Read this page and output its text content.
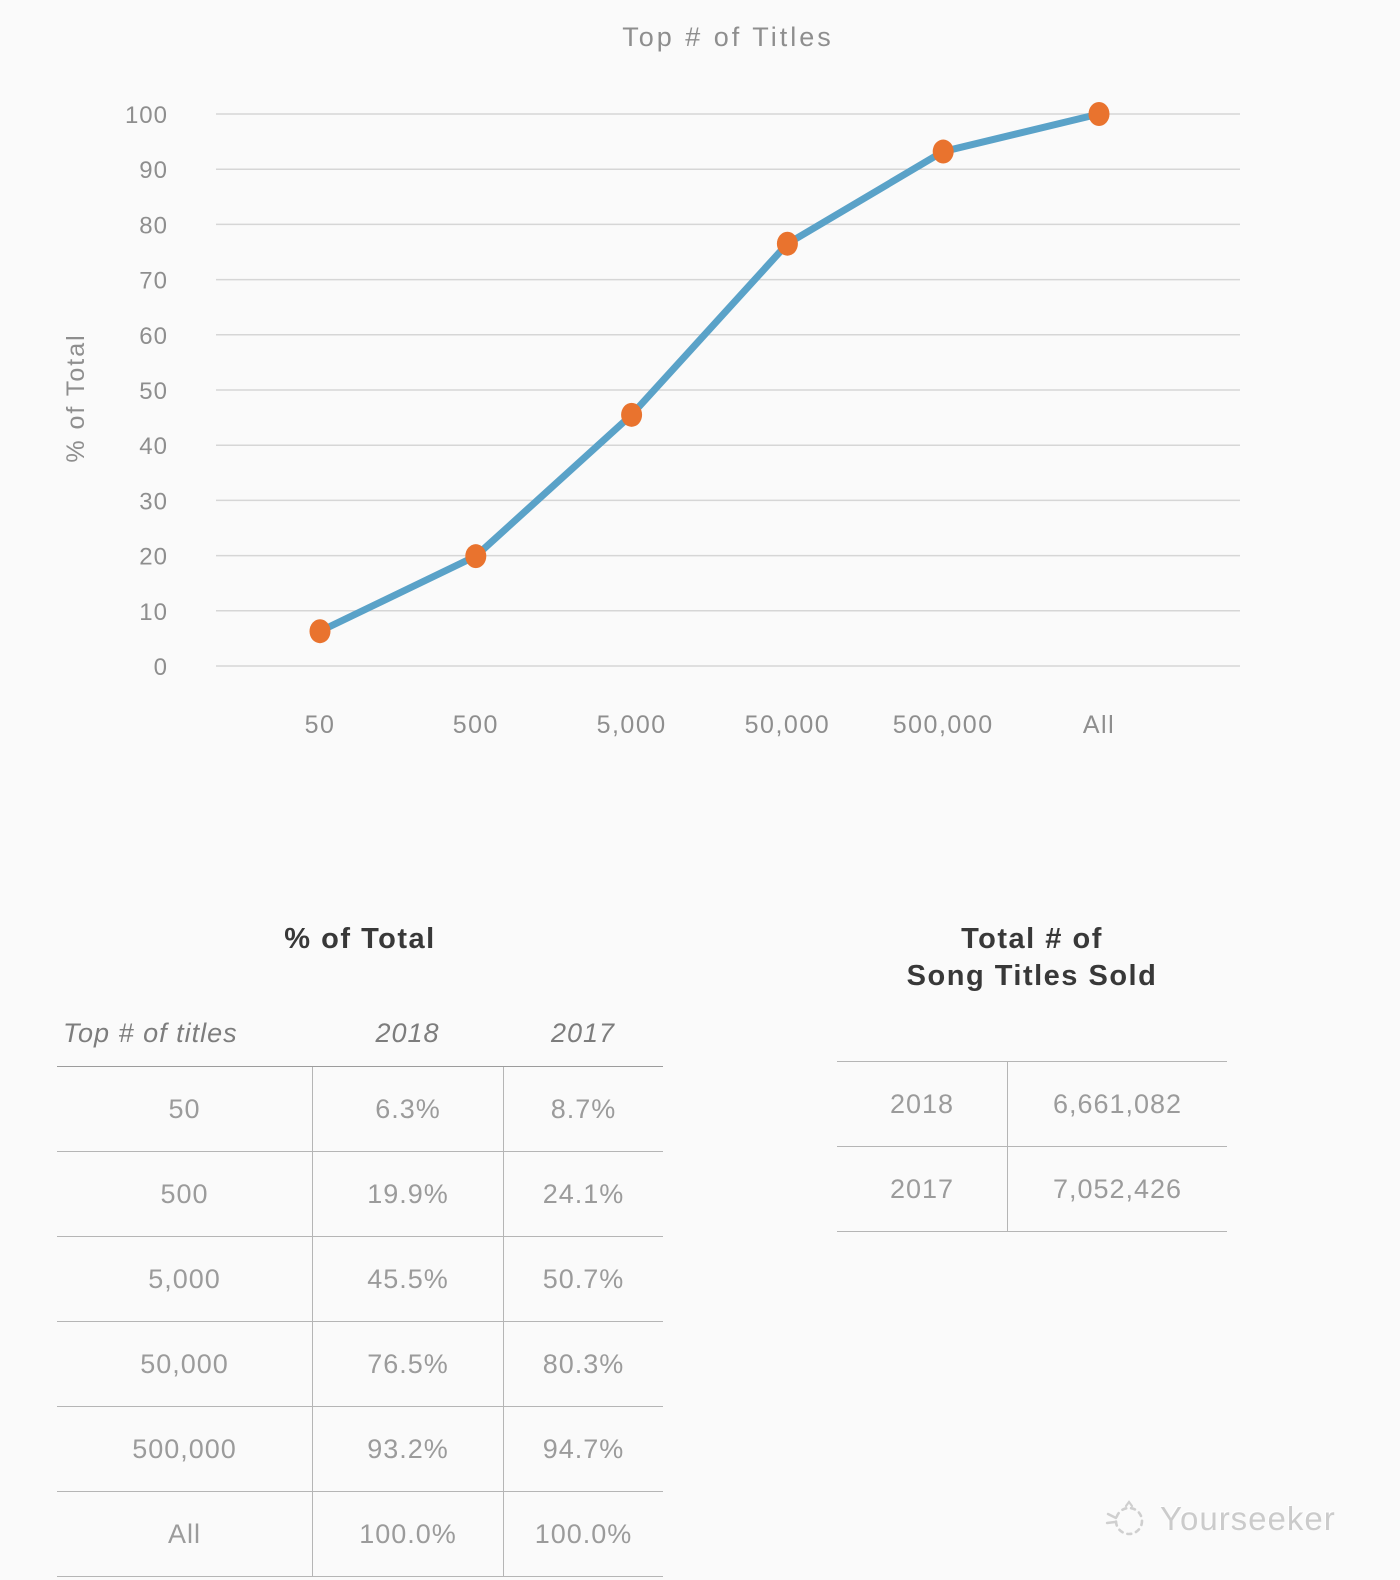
0
10
20
30
40
50
60
70
80
90
100
50	500	5,000	50,000	500,000	All
Top # of Titles
% of Total
% of Total
Top # of titles	2018	2017
50	6.3%	8.7%
500	19.9%	24.1%
5,000	45.5%	50.7%
50,000	76.5%	80.3%
500,000	93.2%	94.7%
All	100.0%	100.0%
Total # of
Song Titles Sold
2018	6,661,082
2017	7,052,426
Yourseeker
